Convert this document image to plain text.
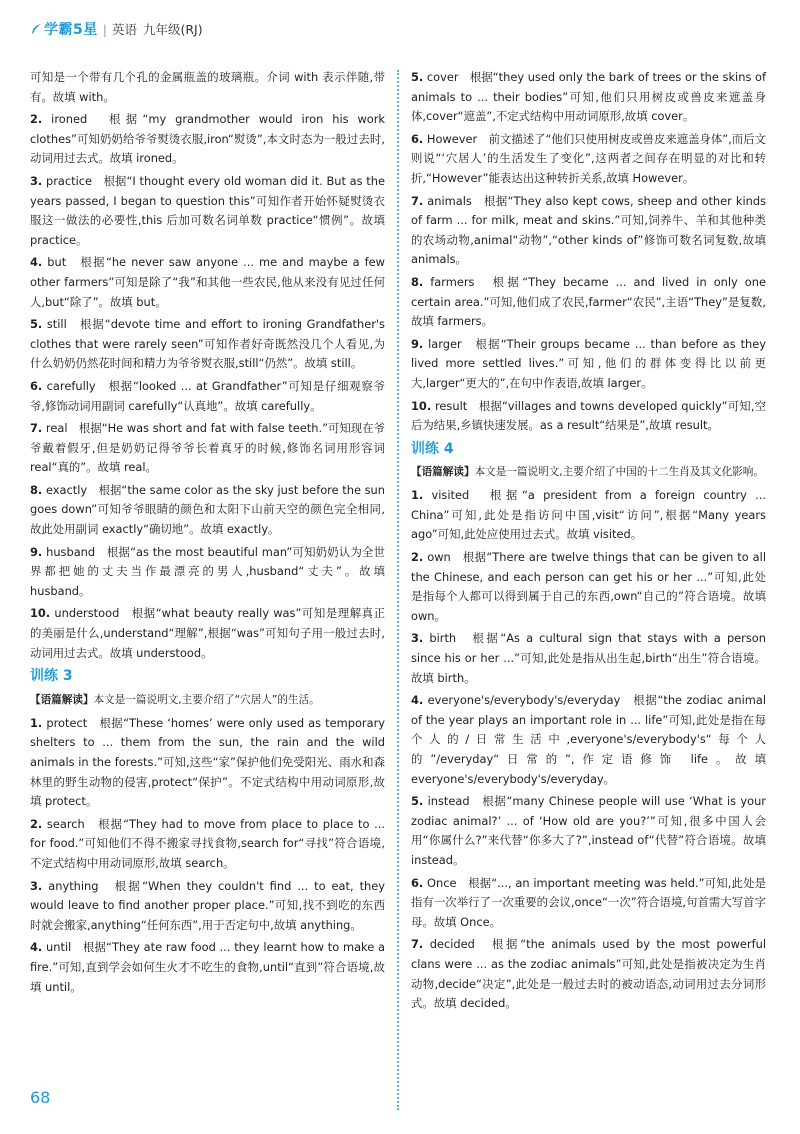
学霸5星 | 英语 九年级(RJ)

可知是一个带有几个孔的金属瓶盖的玻璃瓶。介词 with 表示伴随,带有。故填 with。

2. ironed　根据“my grandmother would iron his work clothes”可知奶奶给爷爷熨烫衣服,iron“熨烫”,本文时态为一般过去时,动词用过去式。故填 ironed。

3. practice　根据“I thought every old woman did it. But as the years passed, I began to question this”可知作者开始怀疑熨烫衣服这一做法的必要性,this 后加可数名词单数 practice“惯例”。故填 practice。

4. but　根据“he never saw anyone ... me and maybe a few other farmers”可知是除了“我”和其他一些农民,他从来没有见过任何人,but“除了”。故填 but。

5. still　根据“devote time and effort to ironing Grandfather's clothes that were rarely seen”可知作者好奇既然没几个人看见,为什么奶奶仍然花时间和精力为爷爷熨衣服,still“仍然”。故填 still。

6. carefully　根据“looked ... at Grandfather”可知是仔细观察爷爷,修饰动词用副词 carefully“认真地”。故填 carefully。

7. real　根据“He was short and fat with false teeth.”可知现在爷爷戴着假牙,但是奶奶记得爷爷长着真牙的时候,修饰名词用形容词 real“真的”。故填 real。

8. exactly　根据“the same color as the sky just before the sun goes down”可知爷爷眼睛的颜色和太阳下山前天空的颜色完全相同,故此处用副词 exactly“确切地”。故填 exactly。

9. husband　根据“as the most beautiful man”可知奶奶认为全世界都把她的丈夫当作最漂亮的男人,husband“丈夫”。故填 husband。

10. understood　根据“what beauty really was”可知是理解真正的美丽是什么,understand“理解”,根据“was”可知句子用一般过去时,动词用过去式。故填 understood。

训练 3

【语篇解读】本文是一篇说明文,主要介绍了“穴居人”的生活。

1. protect　根据“These ‘homes’ were only used as temporary shelters to ... them from the sun, the rain and the wild animals in the forests.”可知,这些“家”保护他们免受阳光、雨水和森林里的野生动物的侵害,protect“保护”。不定式结构中用动词原形,故填 protect。

2. search　根据“They had to move from place to place to ... for food.”可知他们不得不搬家寻找食物,search for“寻找”符合语境,不定式结构中用动词原形,故填 search。

3. anything　根据“When they couldn't find ... to eat, they would leave to find another proper place.”可知,找不到吃的东西时就会搬家,anything“任何东西”,用于否定句中,故填 anything。

4. until　根据“They ate raw food ... they learnt how to make a fire.”可知,直到学会如何生火才不吃生的食物,until“直到”符合语境,故填 until。

5. cover　根据“they used only the bark of trees or the skins of animals to ... their bodies”可知,他们只用树皮或兽皮来遮盖身体,cover“遮盖”,不定式结构中用动词原形,故填 cover。

6. However　前文描述了“他们只使用树皮或兽皮来遮盖身体”,而后文则说“‘穴居人’的生活发生了变化”,这两者之间存在明显的对比和转折,“However”能表达出这种转折关系,故填 However。

7. animals　根据“They also kept cows, sheep and other kinds of farm ... for milk, meat and skins.”可知,饲养牛、羊和其他种类的农场动物,animal“动物”,“other kinds of”修饰可数名词复数,故填 animals。

8. farmers　根据“They became ... and lived in only one certain area.”可知,他们成了农民,farmer“农民”,主语“They”是复数,故填 farmers。

9. larger　根据“Their groups became ... than before as they lived more settled lives.”可知,他们的群体变得比以前更大,larger“更大的”,在句中作表语,故填 larger。

10. result　根据“villages and towns developed quickly”可知,空后为结果,乡镇快速发展。as a result“结果是”,故填 result。

训练 4

【语篇解读】本文是一篇说明文,主要介绍了中国的十二生肖及其文化影响。

1. visited　根据“a president from a foreign country ... China”可知,此处是指访问中国,visit“访问”,根据“Many years ago”可知,此处应使用过去式。故填 visited。

2. own　根据“There are twelve things that can be given to all the Chinese, and each person can get his or her ...”可知,此处是指每个人都可以得到属于自己的东西,own“自己的”符合语境。故填 own。

3. birth　根据“As a cultural sign that stays with a person since his or her ...”可知,此处是指从出生起,birth“出生”符合语境。故填 birth。

4. everyone's/everybody's/everyday　根据“the zodiac animal of the year plays an important role in ... life”可知,此处是指在每个人的/日常生活中,everyone's/everybody's“每个人的”/everyday“日常的”,作定语修饰 life。故填 everyone's/everybody's/everyday。

5. instead　根据“many Chinese people will use ‘What is your zodiac animal?’ ... of ‘How old are you?’”可知,很多中国人会用“你属什么?”来代替“你多大了?”,instead of“代替”符合语境。故填 instead。

6. Once　根据“..., an important meeting was held.”可知,此处是指有一次举行了一次重要的会议,once“一次”符合语境,句首需大写首字母。故填 Once。

7. decided　根据“the animals used by the most powerful clans were ... as the zodiac animals”可知,此处是指被决定为生肖动物,decide“决定”,此处是一般过去时的被动语态,动词用过去分词形式。故填 decided。

68
